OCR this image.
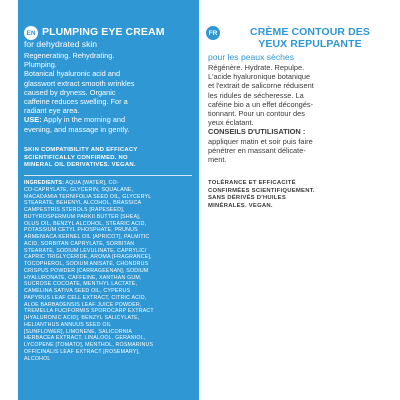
EN PLUMPING EYE CREAM
for dehydrated skin

Regenerating. Rehydrating.

Plumping.

Botanical hyaluronic acid and

glasswort extract smooth wrinkles

caused by dryness. Organic

caffeine reduces swelling. For a

radiant eye area.

USE: Apply in the morning and

evening, and massage in gently.

SKIN COMPATIBILITY AND EFFICACY

SCIENTIFICALLY CONFIRMED. NO

MINERAL OIL DERIVATIVES. VEGAN.

INGREDIENTS: AQUA [WATER], CO-

CO-CAPRYLATE, GLYCERIN, SQUALANE,

MACADAMIA TERNIFOLIA SEED OIL, GLYCERYL

STEARATE, BEHENYL ALCOHOL, BRASSICA

CAMPESTRIS STEROLS [RAPESEED],

BUTYROSPERMUM PARKII BUTTER [SHEA],

OLUS OIL, BENZYL ALCOHOL, STEARIC ACID,

POTASSIUM CETYL PHOSPHATE, PRUNUS

ARMENIACA KERNEL OIL [APRICOT], PALMITIC

ACID, SORBITAN CAPRYLATE, SORBITAN

STEARATE, SODIUM LEVULINATE, CAPRYLIC/

CAPRIC TRIGLYCERIDE, AROMA [FRAGRANCE],

TOCOPHEROL, SODIUM ANISATE, CHONDRUS

CRISPUS POWDER [CARRAGEENAN], SODIUM

HYALURONATE, CAFFEINE, XANTHAN GUM,

SUCROSE COCOATE, MENTHYL LACTATE,

CAMELINA SATIVA SEED OIL, CYPERUS

PAPYRUS LEAF CELL EXTRACT, CITRIC ACID,

ALOE BARBADENSIS LEAF JUICE POWDER,

TREMELLA FUCIFORMIS SPOROCARP EXTRACT

[HYALURONIC ACID], BENZYL SALICYLATE,

HELIANTHUS ANNUUS SEED OIL

[SUNFLOWER], LIMONENE, SALICORNIA

HERBACEA EXTRACT, LINALOOL, GERANIOL,

LYCOPENE [TOMATO], MENTHOL, ROSMARINUS

OFFICINALIS LEAF EXTRACT [ROSEMARY],

ALCOHOL

FR	CRÈME CONTOUR DES
YEUX REPULPANTE
pour les peaux sèches

Régénère. Hydrate. Repulpe.

L'acide hyaluronique botanique

et l'extrait de salicorne réduisent

les ridules de sécheresse. La

caféine bio a un effet décongés-

tionnant. Pour un contour des

yeux éclatant.

CONSEILS D'UTILISATION :

appliquer matin et soir puis faire

pénétrer en massant délicate-

ment.

TOLÉRANCE ET EFFICACITÉ

CONFIRMÉES SCIENTIFIQUEMENT.

SANS DÉRIVÉS D'HUILES

MINÉRALES. VEGAN.
